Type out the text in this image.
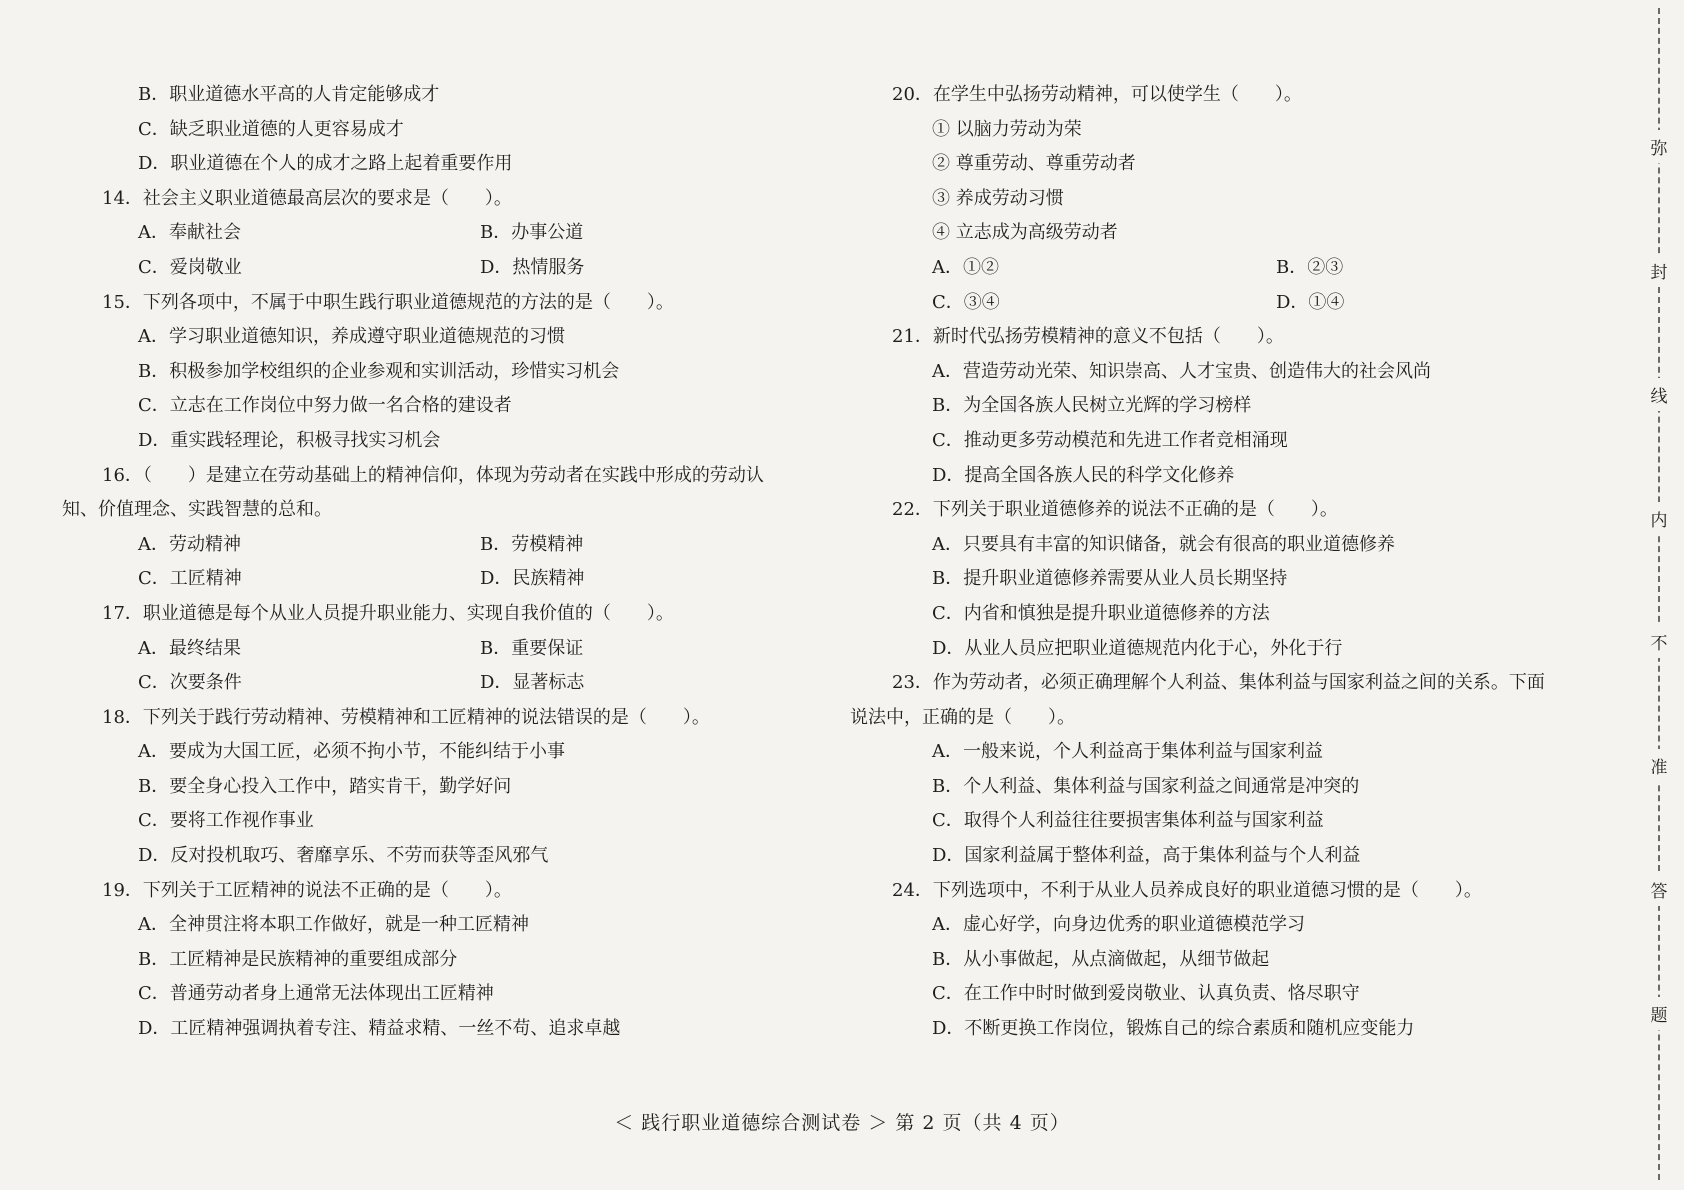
B．职业道德水平高的人肯定能够成才
C．缺乏职业道德的人更容易成才
D．职业道德在个人的成才之路上起着重要作用
14．社会主义职业道德最高层次的要求是（　　）。
A．奉献社会	B．办事公道
C．爱岗敬业	D．热情服务
15．下列各项中，不属于中职生践行职业道德规范的方法的是（　　）。
A．学习职业道德知识，养成遵守职业道德规范的习惯
B．积极参加学校组织的企业参观和实训活动，珍惜实习机会
C．立志在工作岗位中努力做一名合格的建设者
D．重实践轻理论，积极寻找实习机会
16．（　　）是建立在劳动基础上的精神信仰，体现为劳动者在实践中形成的劳动认
知、价值理念、实践智慧的总和。
A．劳动精神	B．劳模精神
C．工匠精神	D．民族精神
17．职业道德是每个从业人员提升职业能力、实现自我价值的（　　）。
A．最终结果	B．重要保证
C．次要条件	D．显著标志
18．下列关于践行劳动精神、劳模精神和工匠精神的说法错误的是（　　）。
A．要成为大国工匠，必须不拘小节，不能纠结于小事
B．要全身心投入工作中，踏实肯干，勤学好问
C．要将工作视作事业
D．反对投机取巧、奢靡享乐、不劳而获等歪风邪气
19．下列关于工匠精神的说法不正确的是（　　）。
A．全神贯注将本职工作做好，就是一种工匠精神
B．工匠精神是民族精神的重要组成部分
C．普通劳动者身上通常无法体现出工匠精神
D．工匠精神强调执着专注、精益求精、一丝不苟、追求卓越
20．在学生中弘扬劳动精神，可以使学生（　　）。
① 以脑力劳动为荣
② 尊重劳动、尊重劳动者
③ 养成劳动习惯
④ 立志成为高级劳动者
A．①②	B．②③
C．③④	D．①④
21．新时代弘扬劳模精神的意义不包括（　　）。
A．营造劳动光荣、知识崇高、人才宝贵、创造伟大的社会风尚
B．为全国各族人民树立光辉的学习榜样
C．推动更多劳动模范和先进工作者竞相涌现
D．提高全国各族人民的科学文化修养
22．下列关于职业道德修养的说法不正确的是（　　）。
A．只要具有丰富的知识储备，就会有很高的职业道德修养
B．提升职业道德修养需要从业人员长期坚持
C．内省和慎独是提升职业道德修养的方法
D．从业人员应把职业道德规范内化于心，外化于行
23．作为劳动者，必须正确理解个人利益、集体利益与国家利益之间的关系。下面
说法中，正确的是（　　）。
A．一般来说，个人利益高于集体利益与国家利益
B．个人利益、集体利益与国家利益之间通常是冲突的
C．取得个人利益往往要损害集体利益与国家利益
D．国家利益属于整体利益，高于集体利益与个人利益
24．下列选项中，不利于从业人员养成良好的职业道德习惯的是（　　）。
A．虚心好学，向身边优秀的职业道德模范学习
B．从小事做起，从点滴做起，从细节做起
C．在工作中时时做到爱岗敬业、认真负责、恪尽职守
D．不断更换工作岗位，锻炼自己的综合素质和随机应变能力
＜ 践行职业道德综合测试卷 ＞ 第 2 页（共 4 页）
弥
封
线
内
不
准
答
题
